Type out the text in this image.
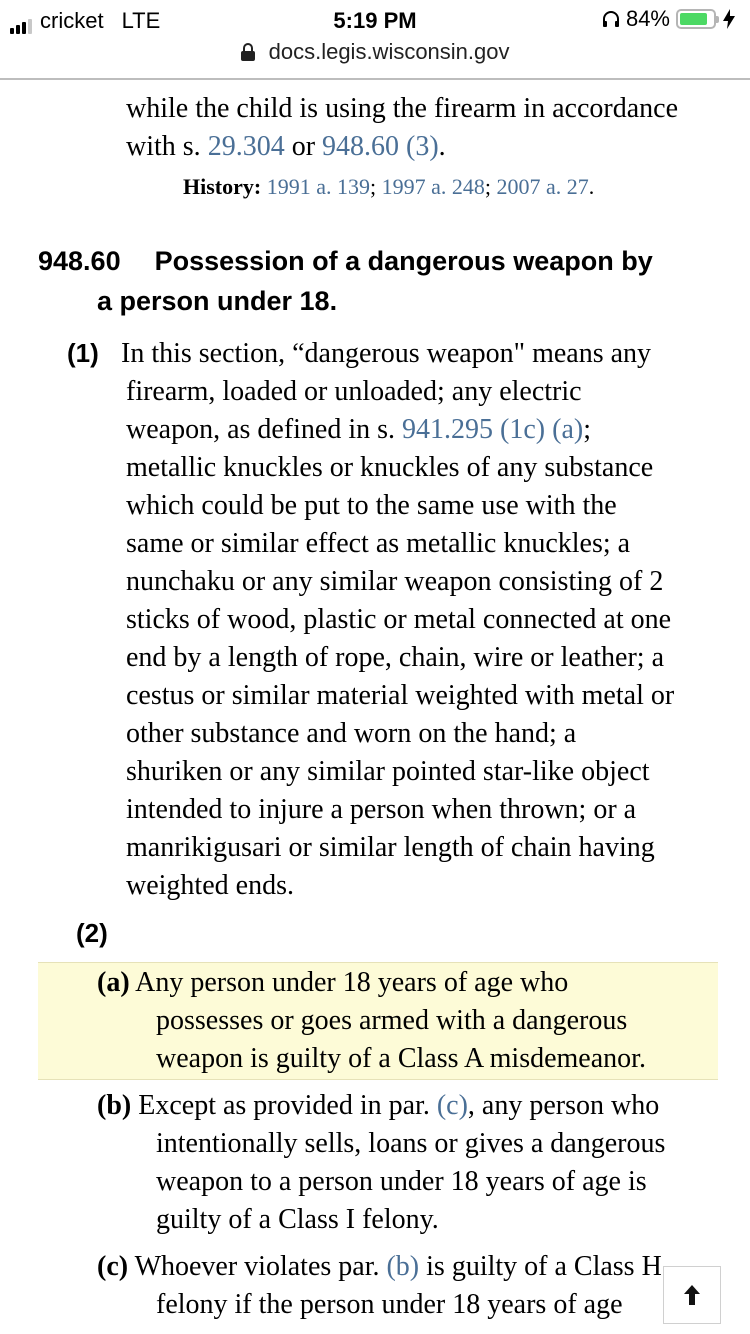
cricket LTE	5:19 PM	84%
docs.legis.wisconsin.gov
while the child is using the firearm in accordance
with s. 29.304 or 948.60 (3).
History: 1991 a. 139; 1997 a. 248; 2007 a. 27.
948.60 Possession of a dangerous weapon by
a person under 18.
(1) In this section, “dangerous weapon" means any
firearm, loaded or unloaded; any electric
weapon, as defined in s. 941.295 (1c) (a);
metallic knuckles or knuckles of any substance
which could be put to the same use with the
same or similar effect as metallic knuckles; a
nunchaku or any similar weapon consisting of 2
sticks of wood, plastic or metal connected at one
end by a length of rope, chain, wire or leather; a
cestus or similar material weighted with metal or
other substance and worn on the hand; a
shuriken or any similar pointed star-like object
intended to injure a person when thrown; or a
manrikigusari or similar length of chain having
weighted ends.
(2)
(a) Any person under 18 years of age who
possesses or goes armed with a dangerous
weapon is guilty of a Class A misdemeanor.
(b) Except as provided in par. (c), any person who
intentionally sells, loans or gives a dangerous
weapon to a person under 18 years of age is
guilty of a Class I felony.
(c) Whoever violates par. (b) is guilty of a Class H
felony if the person under 18 years of age
